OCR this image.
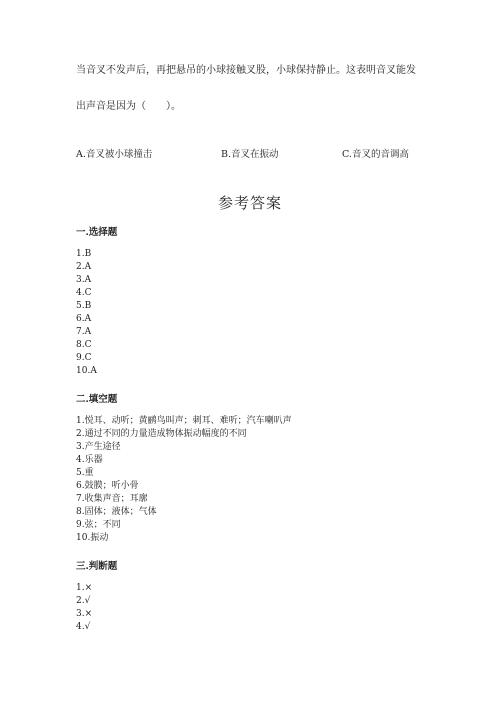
当音叉不发声后，再把悬吊的小球接触叉股，小球保持静止。这表明音叉能发
出声音是因为（　　）。
A.音叉被小球撞击	B.音叉在振动	C.音叉的音调高
参考答案
一.选择题
1.B
2.A
3.A
4.C
5.B
6.A
7.A
8.C
9.C
10.A
二.填空题
1.悦耳、动听；黄鹂鸟叫声；刺耳、难听；汽车喇叭声
2.通过不同的力量造成物体振动幅度的不同
3.产生途径
4.乐器
5.重
6.鼓膜；听小骨
7.收集声音；耳廓
8.固体；液体；气体
9.弦；不同
10.振动
三.判断题
1.×
2.√
3.×
4.√
